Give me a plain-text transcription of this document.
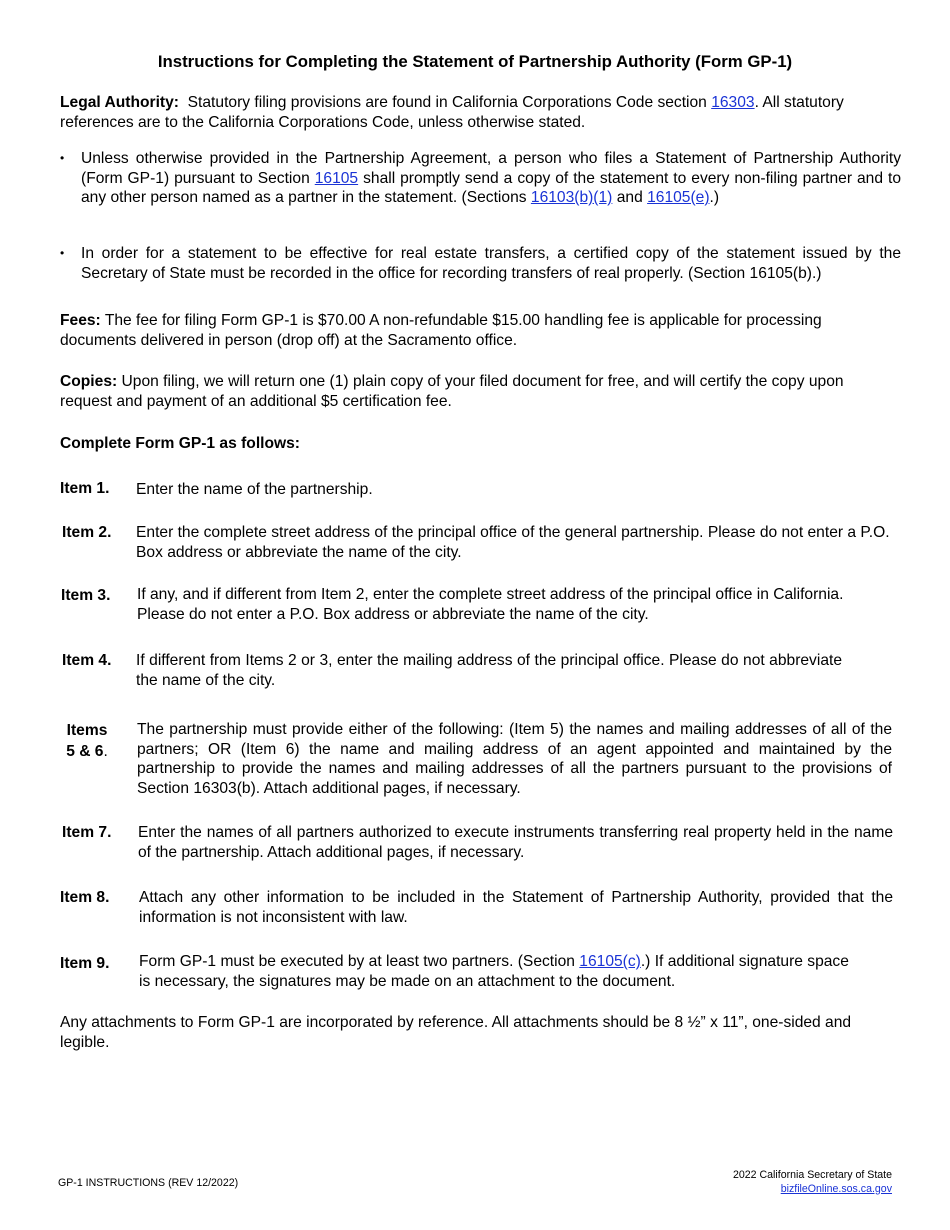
Instructions for Completing the Statement of Partnership Authority (Form GP-1)

Legal Authority: Statutory filing provisions are found in California Corporations Code section 16303. All statutory references are to the California Corporations Code, unless otherwise stated.

• Unless otherwise provided in the Partnership Agreement, a person who files a Statement of Partnership Authority (Form GP-1) pursuant to Section 16105 shall promptly send a copy of the statement to every non-filing partner and to any other person named as a partner in the statement. (Sections 16103(b)(1) and 16105(e).)

• In order for a statement to be effective for real estate transfers, a certified copy of the statement issued by the Secretary of State must be recorded in the office for recording transfers of real properly. (Section 16105(b).)

Fees: The fee for filing Form GP-1 is $70.00 A non-refundable $15.00 handling fee is applicable for processing documents delivered in person (drop off) at the Sacramento office.

Copies: Upon filing, we will return one (1) plain copy of your filed document for free, and will certify the copy upon request and payment of an additional $5 certification fee.

Complete Form GP-1 as follows:
Item 1. Enter the name of the partnership.

Item 2. Enter the complete street address of the principal office of the general partnership. Please do not enter a P.O. Box address or abbreviate the name of the city.

Item 3. If any, and if different from Item 2, enter the complete street address of the principal office in California. Please do not enter a P.O. Box address or abbreviate the name of the city.

Item 4. If different from Items 2 or 3, enter the mailing address of the principal office. Please do not abbreviate the name of the city.

Items
5 & 6.

The partnership must provide either of the following: (Item 5) the names and mailing addresses of all of the partners; OR (Item 6) the name and mailing address of an agent appointed and maintained by the partnership to provide the names and mailing addresses of all the partners pursuant to the provisions of Section 16303(b). Attach additional pages, if necessary.

Item 7. Enter the names of all partners authorized to execute instruments transferring real property held in the name of the partnership. Attach additional pages, if necessary.

Item 8. Attach any other information to be included in the Statement of Partnership Authority, provided that the information is not inconsistent with law.

Item 9. Form GP-1 must be executed by at least two partners. (Section 16105(c).) If additional signature space is necessary, the signatures may be made on an attachment to the document.

Any attachments to Form GP-1 are incorporated by reference. All attachments should be 8 ½” x 11”, one-sided and legible.

GP-1 INSTRUCTIONS (REV 12/2022)
2022 California Secretary of State
bizfileOnline.sos.ca.gov
